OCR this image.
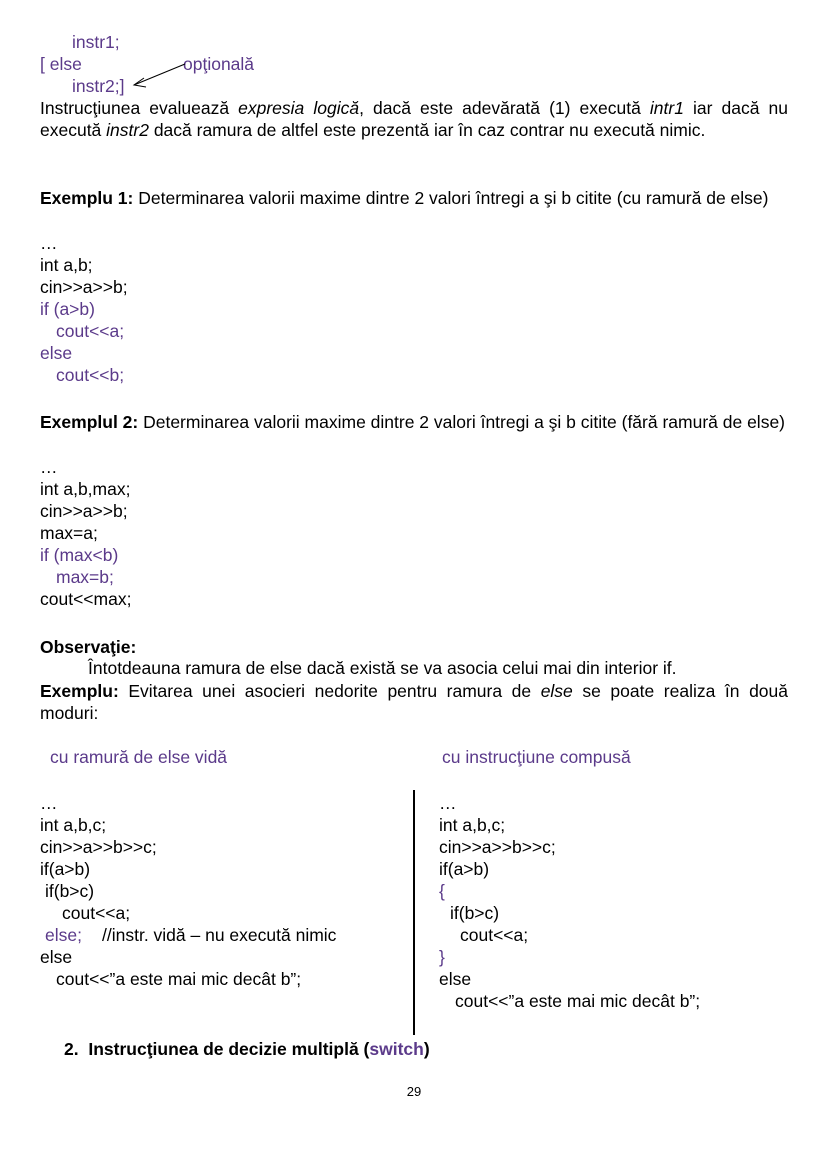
instr1;
[ else	opţională
instr2;]
Instrucţiunea evaluează expresia logică, dacă este adevărată (1) execută intr1 iar dacă nu execută instr2 dacă ramura de altfel este prezentă iar în caz contrar nu execută nimic.
Exemplu 1: Determinarea valorii maxime dintre 2 valori întregi a şi b citite (cu ramură de else)
…
int a,b;
cin>>a>>b;
if (a>b)
cout<<a;
else
cout<<b;
Exemplul 2: Determinarea valorii maxime dintre 2 valori întregi a şi b citite (fără ramură de else)
…
int a,b,max;
cin>>a>>b;
max=a;
if (max<b)
max=b;
cout<<max;
Observaţie:
Întotdeauna ramura de else dacă există se va asocia celui mai din interior if.
Exemplu: Evitarea unei asocieri nedorite pentru ramura de else se poate realiza în două moduri:
cu ramură de else vidă	cu instrucţiune compusă
…
int a,b,c;
cin>>a>>b>>c;
if(a>b)
if(b>c)
cout<<a;
else; //instr. vidă – nu execută nimic
else
cout<<”a este mai mic decât b”;
…
int a,b,c;
cin>>a>>b>>c;
if(a>b)
{
if(b>c)
cout<<a;
}
else
cout<<”a este mai mic decât b”;
2. Instrucţiunea de decizie multiplă (switch)
29
